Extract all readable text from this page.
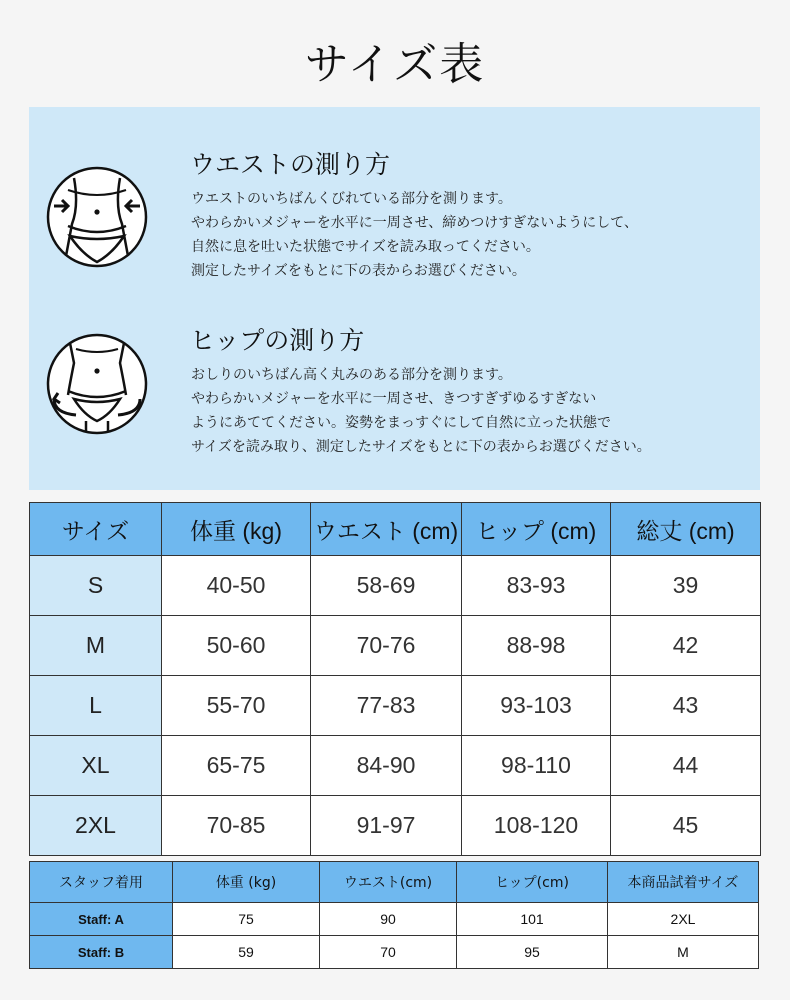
サイズ表
ウエストの測り方
ウエストのいちばんくびれている部分を測ります。
やわらかいメジャーを水平に一周させ、締めつけすぎないようにして、
自然に息を吐いた状態でサイズを読み取ってください。
測定したサイズをもとに下の表からお選びください。
ヒップの測り方
おしりのいちばん高く丸みのある部分を測ります。
やわらかいメジャーを水平に一周させ、きつすぎずゆるすぎない
ようにあててください。姿勢をまっすぐにして自然に立った状態で
サイズを読み取り、測定したサイズをもとに下の表からお選びください。
サイズ	体重 (kg)	ウエスト (cm)	ヒップ (cm)	総丈 (cm)
S	40-50	58-69	83-93	39
M	50-60	70-76	88-98	42
L	55-70	77-83	93-103	43
XL	65-75	84-90	98-110	44
2XL	70-85	91-97	108-120	45
スタッフ着用	体重 (kg)	ウエスト(cm)	ヒップ(cm)	本商品試着サイズ
Staff: A	75	90	101	2XL
Staff: B	59	70	95	M
